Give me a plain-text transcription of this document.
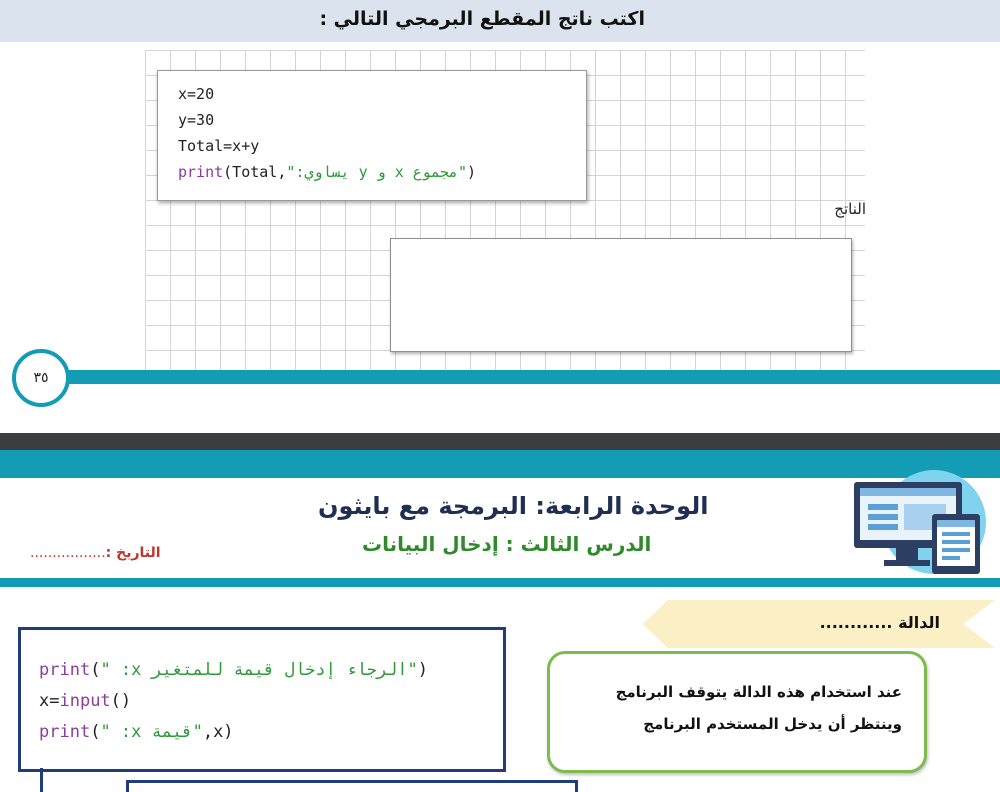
اكتب ناتج المقطع البرمجي التالي :
x=20
y=30
Total=x+y
print(Total,"مجموع x و y يساوي:")
الناتج
٣٥
الوحدة الرابعة: البرمجة مع بايثون
الدرس الثالث : إدخال البيانات
التاريخ :.................
الدالة ............
عند استخدام هذه الدالة يتوقف البرنامج
وينتظر أن يدخل المستخدم البرنامج
print("الرجاء إدخال قيمة للمتغير x: ")
x=input()
print("قيمة x: ",x)
